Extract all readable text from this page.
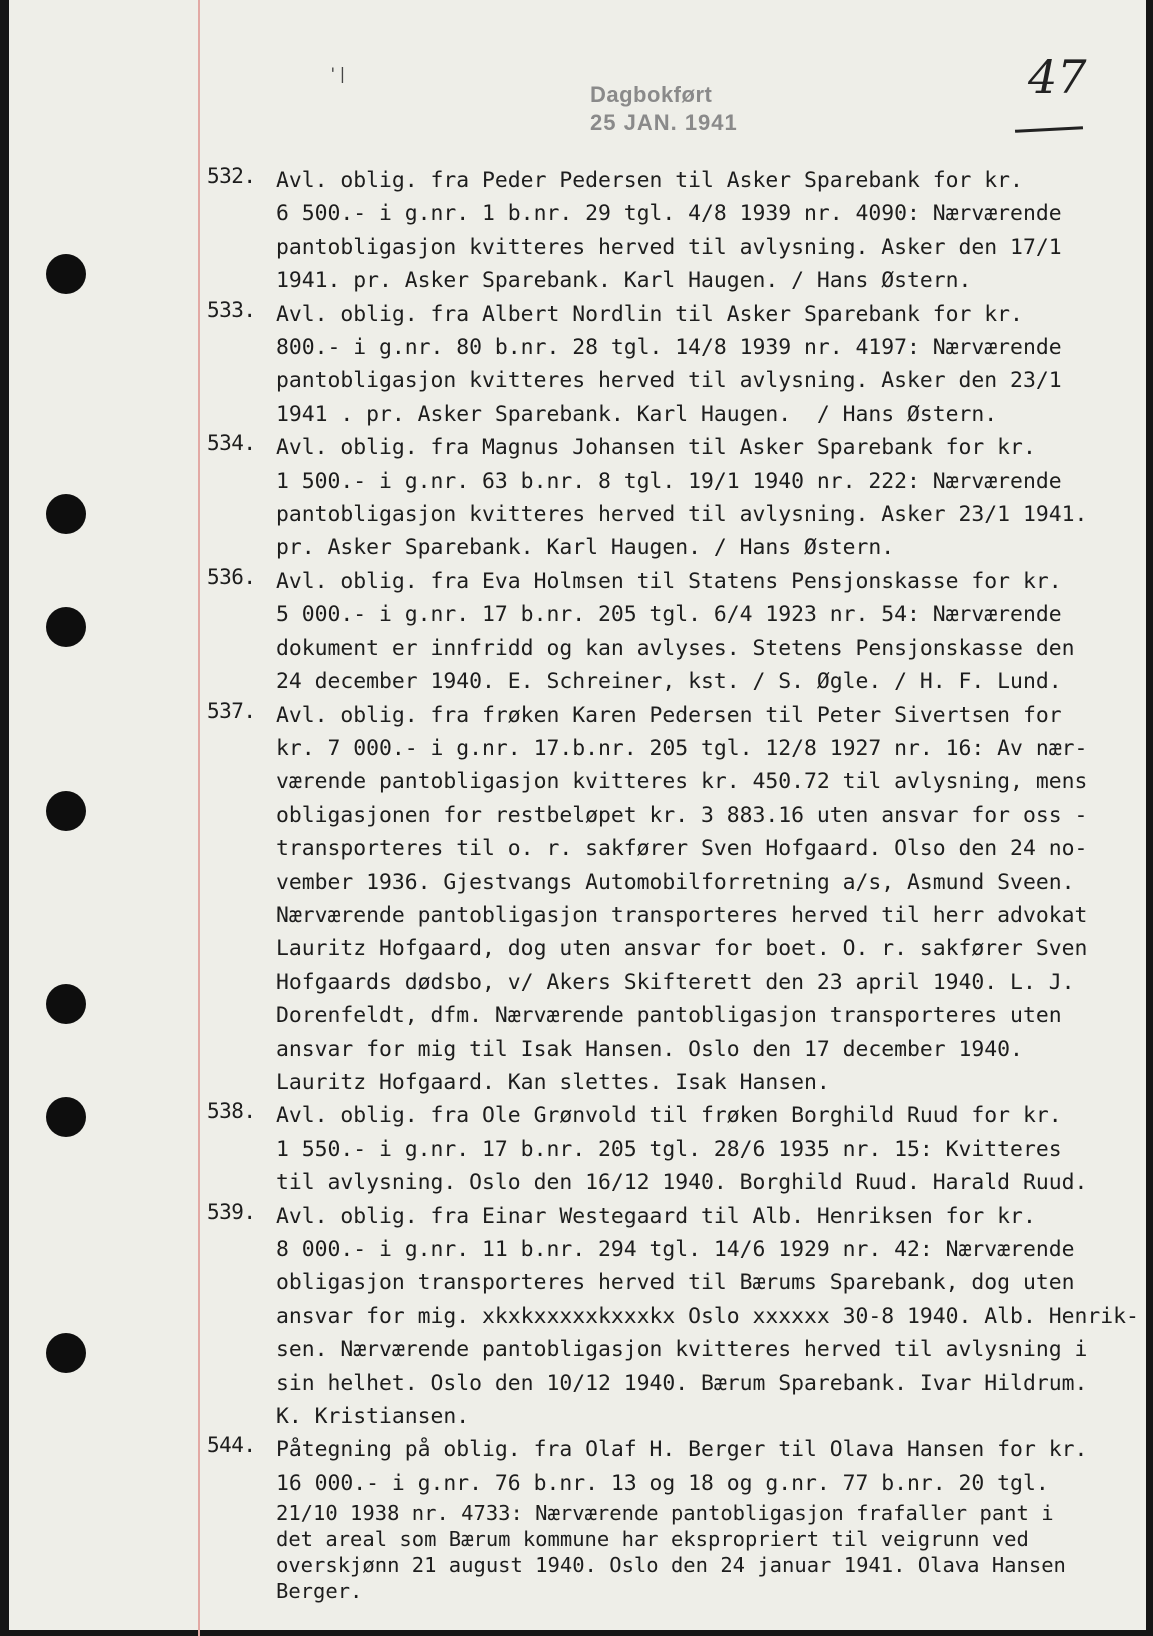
'|
Dagbokført
25 JAN. 1941
47
532. Avl. oblig. fra Peder Pedersen til Asker Sparebank for kr.
6 500.- i g.nr. 1 b.nr. 29 tgl. 4/8 1939 nr. 4090: Nærværende
pantobligasjon kvitteres herved til avlysning. Asker den 17/1
1941. pr. Asker Sparebank. Karl Haugen. / Hans Østern.
533. Avl. oblig. fra Albert Nordlin til Asker Sparebank for kr.
800.- i g.nr. 80 b.nr. 28 tgl. 14/8 1939 nr. 4197: Nærværende
pantobligasjon kvitteres herved til avlysning. Asker den 23/1
1941 . pr. Asker Sparebank. Karl Haugen.  / Hans Østern.
534. Avl. oblig. fra Magnus Johansen til Asker Sparebank for kr.
1 500.- i g.nr. 63 b.nr. 8 tgl. 19/1 1940 nr. 222: Nærværende
pantobligasjon kvitteres herved til avlysning. Asker 23/1 1941.
pr. Asker Sparebank. Karl Haugen. / Hans Østern.
536. Avl. oblig. fra Eva Holmsen til Statens Pensjonskasse for kr.
5 000.- i g.nr. 17 b.nr. 205 tgl. 6/4 1923 nr. 54: Nærværende
dokument er innfridd og kan avlyses. Stetens Pensjonskasse den
24 december 1940. E. Schreiner, kst. / S. Øgle. / H. F. Lund.
537. Avl. oblig. fra frøken Karen Pedersen til Peter Sivertsen for
kr. 7 000.- i g.nr. 17.b.nr. 205 tgl. 12/8 1927 nr. 16: Av nær-
værende pantobligasjon kvitteres kr. 450.72 til avlysning, mens
obligasjonen for restbeløpet kr. 3 883.16 uten ansvar for oss -
transporteres til o. r. sakfører Sven Hofgaard. Olso den 24 no-
vember 1936. Gjestvangs Automobilforretning a/s, Asmund Sveen.
Nærværende pantobligasjon transporteres herved til herr advokat
Lauritz Hofgaard, dog uten ansvar for boet. O. r. sakfører Sven
Hofgaards dødsbo, v/ Akers Skifterett den 23 april 1940. L. J.
Dorenfeldt, dfm. Nærværende pantobligasjon transporteres uten
ansvar for mig til Isak Hansen. Oslo den 17 december 1940.
Lauritz Hofgaard. Kan slettes. Isak Hansen.
538. Avl. oblig. fra Ole Grønvold til frøken Borghild Ruud for kr.
1 550.- i g.nr. 17 b.nr. 205 tgl. 28/6 1935 nr. 15: Kvitteres
til avlysning. Oslo den 16/12 1940. Borghild Ruud. Harald Ruud.
539. Avl. oblig. fra Einar Westegaard til Alb. Henriksen for kr.
8 000.- i g.nr. 11 b.nr. 294 tgl. 14/6 1929 nr. 42: Nærværende
obligasjon transporteres herved til Bærums Sparebank, dog uten
ansvar for mig. xkxkxxxxxkxxxkx Oslo xxxxxx 30-8 1940. Alb. Henrik-
sen. Nærværende pantobligasjon kvitteres herved til avlysning i
sin helhet. Oslo den 10/12 1940. Bærum Sparebank. Ivar Hildrum.
K. Kristiansen.
544. Påtegning på oblig. fra Olaf H. Berger til Olava Hansen for kr.
16 000.- i g.nr. 76 b.nr. 13 og 18 og g.nr. 77 b.nr. 20 tgl.
21/10 1938 nr. 4733: Nærværende pantobligasjon frafaller pant i
det areal som Bærum kommune har ekspropriert til veigrunn ved
overskjønn 21 august 1940. Oslo den 24 januar 1941. Olava Hansen
Berger.
